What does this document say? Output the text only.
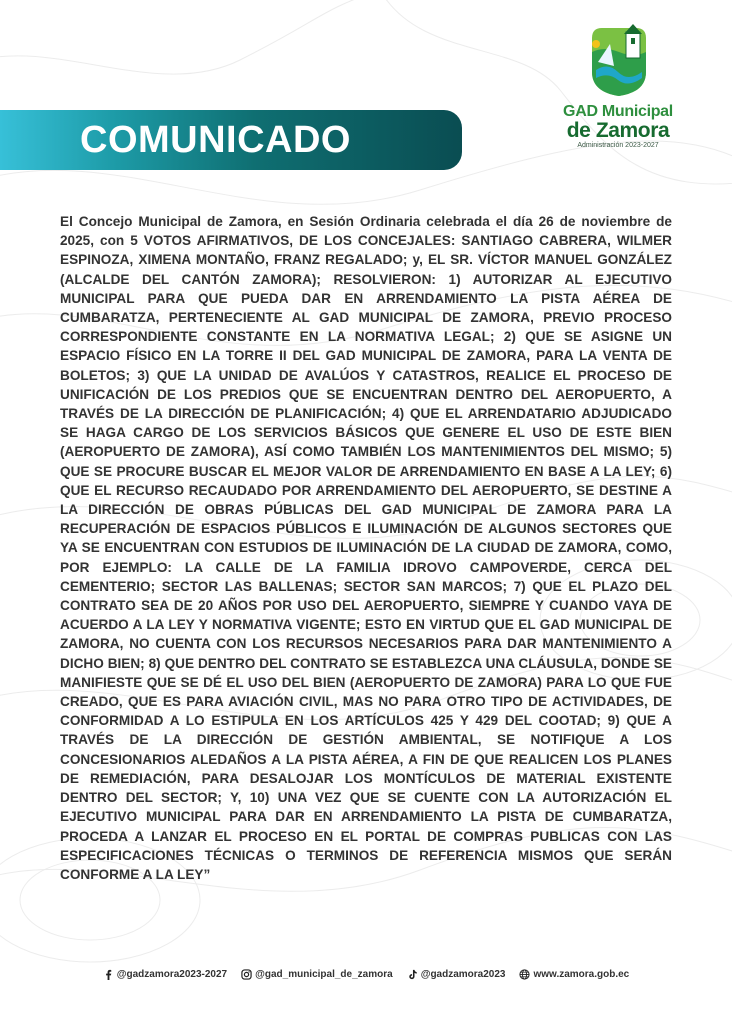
GAD Municipal
de Zamora
Administración 2023-2027
COMUNICADO

El Concejo Municipal de Zamora, en Sesión Ordinaria celebrada el día 26 de noviembre de 2025, con 5 VOTOS AFIRMATIVOS, DE LOS CONCEJALES: SANTIAGO CABRERA, WILMER ESPINOZA, XIMENA MONTAÑO, FRANZ REGALADO; y, EL SR. VÍCTOR MANUEL GONZÁLEZ (ALCALDE DEL CANTÓN ZAMORA); RESOLVIERON: 1) AUTORIZAR AL EJECUTIVO MUNICIPAL PARA QUE PUEDA DAR EN ARRENDAMIENTO LA PISTA AÉREA DE CUMBARATZA, PERTENECIENTE AL GAD MUNICIPAL DE ZAMORA, PREVIO PROCESO CORRESPONDIENTE CONSTANTE EN LA NORMATIVA LEGAL; 2) QUE SE ASIGNE UN ESPACIO FÍSICO EN LA TORRE II DEL GAD MUNICIPAL DE ZAMORA, PARA LA VENTA DE BOLETOS; 3) QUE LA UNIDAD DE AVALÚOS Y CATASTROS, REALICE EL PROCESO DE UNIFICACIÓN DE LOS PREDIOS QUE SE ENCUENTRAN DENTRO DEL AEROPUERTO, A TRAVÉS DE LA DIRECCIÓN DE PLANIFICACIÓN; 4) QUE EL ARRENDATARIO ADJUDICADO SE HAGA CARGO DE LOS SERVICIOS BÁSICOS QUE GENERE EL USO DE ESTE BIEN (AEROPUERTO DE ZAMORA), ASÍ COMO TAMBIÉN LOS MANTENIMIENTOS DEL MISMO; 5) QUE SE PROCURE BUSCAR EL MEJOR VALOR DE ARRENDAMIENTO EN BASE A LA LEY; 6) QUE EL RECURSO RECAUDADO POR ARRENDAMIENTO DEL AEROPUERTO, SE DESTINE A LA DIRECCIÓN DE OBRAS PÚBLICAS DEL GAD MUNICIPAL DE ZAMORA PARA LA RECUPERACIÓN DE ESPACIOS PÚBLICOS E ILUMINACIÓN DE ALGUNOS SECTORES QUE YA SE ENCUENTRAN CON ESTUDIOS DE ILUMINACIÓN DE LA CIUDAD DE ZAMORA, COMO, POR EJEMPLO: LA CALLE DE LA FAMILIA IDROVO CAMPOVERDE, CERCA DEL CEMENTERIO; SECTOR LAS BALLENAS; SECTOR SAN MARCOS; 7) QUE EL PLAZO DEL CONTRATO SEA DE 20 AÑOS POR USO DEL AEROPUERTO, SIEMPRE Y CUANDO VAYA DE ACUERDO A LA LEY Y NORMATIVA VIGENTE; ESTO EN VIRTUD QUE EL GAD MUNICIPAL DE ZAMORA, NO CUENTA CON LOS RECURSOS NECESARIOS PARA DAR MANTENIMIENTO A DICHO BIEN; 8) QUE DENTRO DEL CONTRATO SE ESTABLEZCA UNA CLÁUSULA, DONDE SE MANIFIESTE QUE SE DÉ EL USO DEL BIEN (AEROPUERTO DE ZAMORA) PARA LO QUE FUE CREADO, QUE ES PARA AVIACIÓN CIVIL, MAS NO PARA OTRO TIPO DE ACTIVIDADES, DE CONFORMIDAD A LO ESTIPULA EN LOS ARTÍCULOS 425 Y 429 DEL COOTAD; 9) QUE A TRAVÉS DE LA DIRECCIÓN DE GESTIÓN AMBIENTAL, SE NOTIFIQUE A LOS CONCESIONARIOS ALEDAÑOS A LA PISTA AÉREA, A FIN DE QUE REALICEN LOS PLANES DE REMEDIACIÓN, PARA DESALOJAR LOS MONTÍCULOS DE MATERIAL EXISTENTE DENTRO DEL SECTOR; Y, 10) UNA VEZ QUE SE CUENTE CON LA AUTORIZACIÓN EL EJECUTIVO MUNICIPAL PARA DAR EN ARRENDAMIENTO LA PISTA DE CUMBARATZA, PROCEDA A LANZAR EL PROCESO EN EL PORTAL DE COMPRAS PUBLICAS CON LAS ESPECIFICACIONES TÉCNICAS O TERMINOS DE REFERENCIA MISMOS QUE SERÁN CONFORME A LA LEY”

@gadzamora2023-2027	@gad_municipal_de_zamora	@gadzamora2023	www.zamora.gob.ec
